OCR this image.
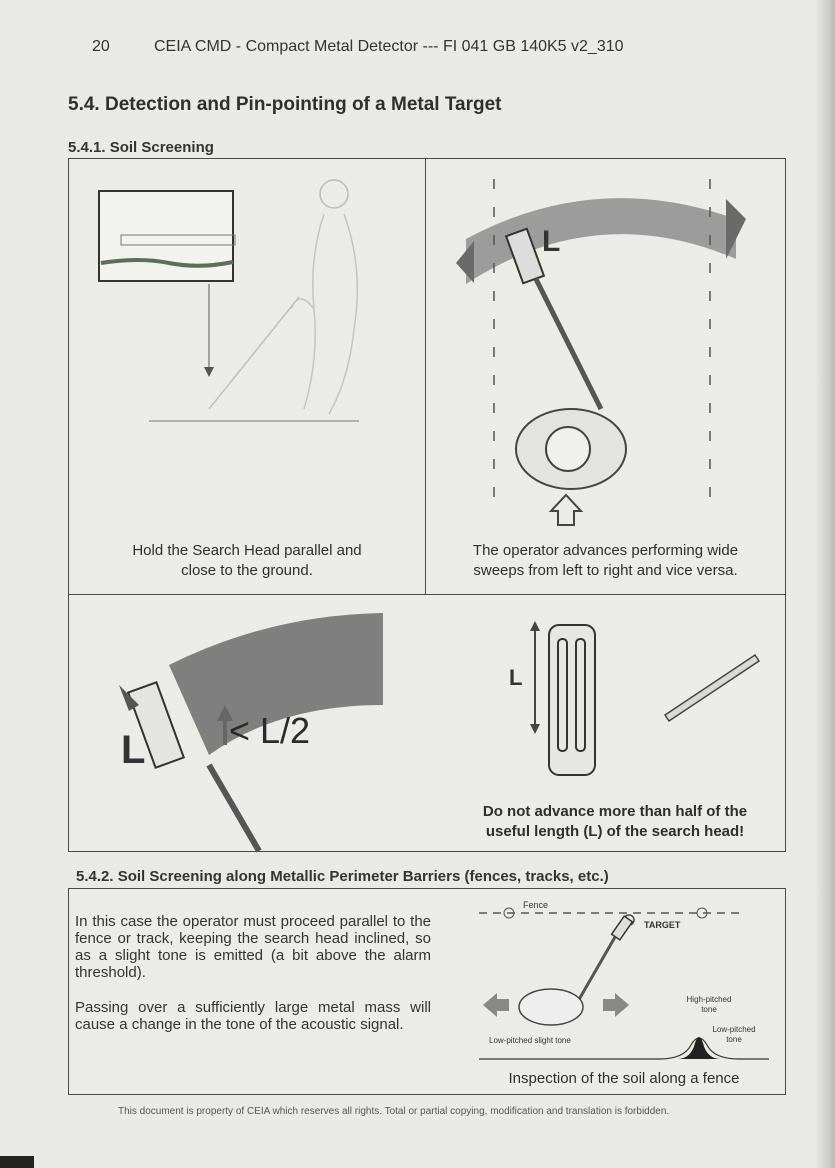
20	CEIA CMD - Compact Metal Detector --- FI 041 GB 140K5 v2_310
5.4. Detection and Pin-pointing of a Metal Target
5.4.1. Soil Screening
Hold the Search Head parallel and
close to the ground.
L
The operator advances performing wide
sweeps from left to right and vice versa.
L < L/2
L
Do not advance more than half of the
useful length (L) of the search head!
5.4.2. Soil Screening along Metallic Perimeter Barriers (fences, tracks, etc.)
In this case the operator must proceed parallel to the fence or track, keeping the search head inclined, so as a slight tone is emitted (a bit above the alarm threshold).
Passing over a sufficiently large metal mass will cause a change in the tone of the acoustic signal.
Fence
TARGET
High-pitched
tone
Low-pitched
tone
Low-pitched slight tone
Inspection of the soil along a fence
This document is property of CEIA which reserves all rights. Total or partial copying, modification and translation is forbidden.
